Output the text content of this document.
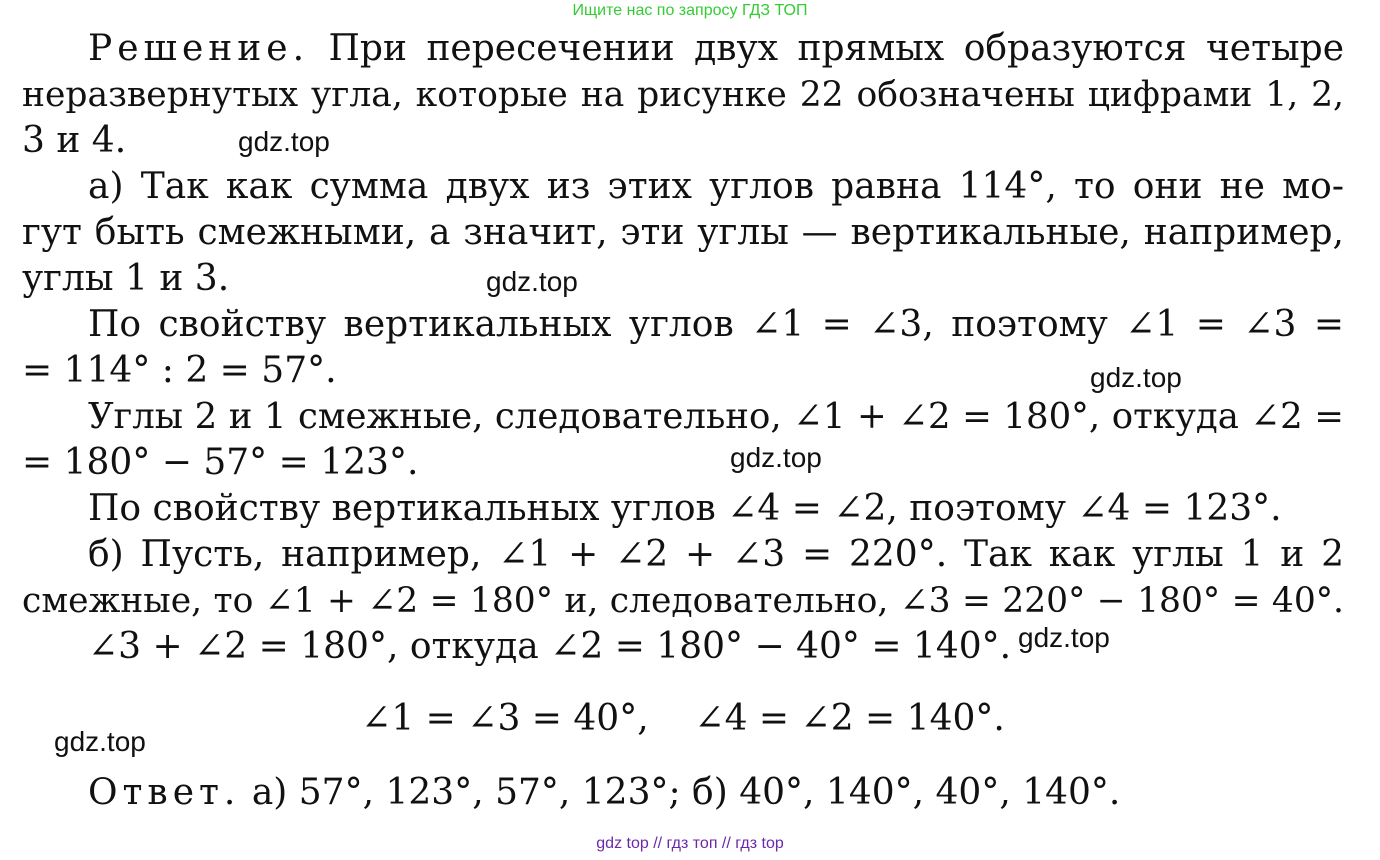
Ищите нас по запросу ГДЗ ТОП
Решение. При пересечении двух прямых образуются четыре
неразвернутых угла, которые на рисунке 22 обозначены цифрами 1, 2,
3 и 4.
а) Так как сумма двух из этих углов равна 114°, то они не мо-
гут быть смежными, а значит, эти углы — вертикальные, например,
углы 1 и 3.
По свойству вертикальных углов ∠1 = ∠3, поэтому ∠1 = ∠3 =
= 114° : 2 = 57°.
Углы 2 и 1 смежные, следовательно, ∠1 + ∠2 = 180°, откуда ∠2 =
= 180° − 57° = 123°.
По свойству вертикальных углов ∠4 = ∠2, поэтому ∠4 = 123°.
б) Пусть, например, ∠1 + ∠2 + ∠3 = 220°. Так как углы 1 и 2
смежные, то ∠1 + ∠2 = 180° и, следовательно, ∠3 = 220° − 180° = 40°.
∠3 + ∠2 = 180°, откуда ∠2 = 180° − 40° = 140°.
∠1 = ∠3 = 40°,    ∠4 = ∠2 = 140°.
Ответ. а) 57°, 123°, 57°, 123°; б) 40°, 140°, 40°, 140°.
gdz.top
gdz.top
gdz.top
gdz.top
gdz.top
gdz.top
gdz top // гдз топ // гдз top
